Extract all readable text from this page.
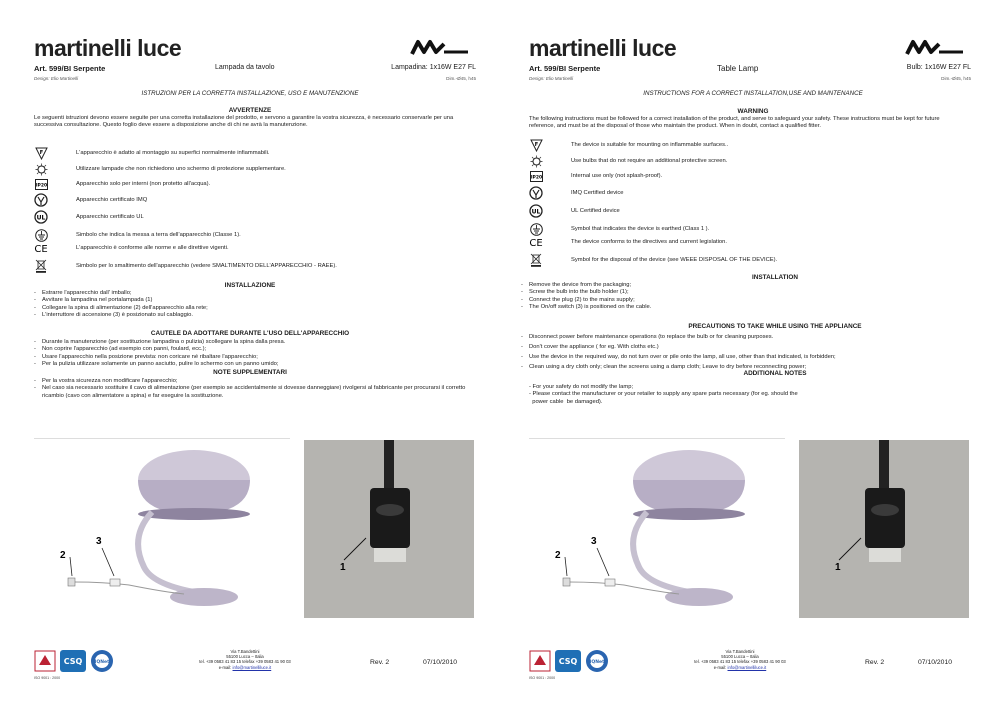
martinelli luce
Art. 599/BI Serpente	Lampada da tavolo	Lampadina: 1x16W E27 FL
Design: Elio Martinelli	Dim.-Ø45, h45
ISTRUZIONI PER LA CORRETTA INSTALLAZIONE, USO E MANUTENZIONE
AVVERTENZE
Le seguenti istruzioni devono essere seguite per una corretta installazione del prodotto, e servono a garantire la vostra sicurezza, è necessario conservarle per una successiva consultazione. Questo foglio deve essere a disposizione anche di chi ne avrà la manutenzione.
F	L'apparecchio è adatto al montaggio su superfici normalmente infiammabili.
Utilizzare lampade che non richiedono uno schermo di protezione supplementare.
IP20	Apparecchio solo per interni (non protetto all'acqua).
Apparecchio certificato IMQ
UL	Apparecchio certificato UL
Simbolo che indica la messa a terra dell'apparecchio (Classe 1).
CE	L'apparecchio è conforme alle norme e alle direttive vigenti.
Simbolo per lo smaltimento dell'apparecchio (vedere SMALTIMENTO DELL'APPARECCHIO - RAEE).
INSTALLAZIONE
- Estrarre l'apparecchio dall' imballo;
- Avvitare la lampadina nel portalampada (1)
- Collegare la spina di alimentazione (2) dell'apparecchio alla rete;
- L'interruttore di accensione (3) è posizionato sul cablaggio.
CAUTELE DA ADOTTARE DURANTE L'USO DELL'APPARECCHIO
- Durante la manutenzione (per sostituzione lampadina o pulizia) scollegare la spina dalla presa.
- Non coprire l'apparecchio (ad esempio con panni, foulard, ecc.);
- Usare l'apparecchio nella posizione prevista: non coricare né ribaltare l'apparecchio;
- Per la pulizia utilizzare solamente un panno asciutto, pulire lo schermo con un panno umido;
NOTE SUPPLEMENTARI
- Per la vostra sicurezza non modificare l'apparecchio;
- Nel caso sia necessario sostituire il cavo di alimentazione (per esempio se accidentalmente si dovesse danneggiare) rivolgersi al fabbricante per procurarsi il corretto ricambio (cavo con alimentatore a spina) e far eseguire la sostituzione.
3
2
1
CSQ	IQNet
Via T.Bandettini
55100 Lucca – Italia
tel. +39 0583 41 83 15 telefax +39 0583 41 90 03
e-mail: info@martinelliluce.it
Rev. 2	07/10/2010
martinelli luce
Art. 599/BI Serpente	Table Lamp	Bulb: 1x16W E27 FL
Design: Elio Martinelli	Dim.-Ø45, h45
INSTRUCTIONS FOR A CORRECT INSTALLATION,USE AND MAINTENANCE
WARNING
The following instructions must be followed for a correct installation of the product, and serve to safeguard your safety. These instructions must be kept for future reference, and must be at the disposal of those who maintain the product. When in doubt, contact a qualified fitter.
F	The device is suitable for mounting on inflammable surfaces..
Use bulbs that do not require an additional protective screen.
IP20	Internal use only (not splash-proof).
IMQ Certified device
UL	UL Certified device
Symbol that indicates the device is earthed (Class 1 ).
CE	The device conforms to the directives and current legislation.
Symbol for the disposal of the device (see WEEE DISPOSAL OF THE DEVICE).
INSTALLATION
- Remove the device from the packaging;
- Screw the bulb into the bulb holder (1);
- Connect the plug (2) to the mains supply;
- The On/off switch (3) is positioned on the cable.
PRECAUTIONS TO TAKE WHILE USING THE APPLIANCE
- Disconnect power before maintenance operations (to replace the bulb or for cleaning purposes.
- Don't cover the appliance ( for eg. With cloths etc.)
- Use the device in the required way, do not turn over or pile onto the lamp, all use, other than that indicated, is forbidden;
- Clean using a dry cloth only; clean the screens using a damp cloth; Leave to dry before reconnecting power;
ADDITIONAL NOTES
- For your safety do not modify the lamp;
- Please contact the manufacturer or your retailer to supply any spare parts necessary (for eg. should the
power cable  be damaged).
3
2
1
CSQ	IQNet
Via T.Bandettini
55100 Lucca – Italia
tel. +39 0583 41 83 15 telefax +39 0583 41 90 03
e-mail: info@martinelliluce.it
Rev. 2	07/10/2010
ISO 9001 : 2000	ISO 9001 : 2000
